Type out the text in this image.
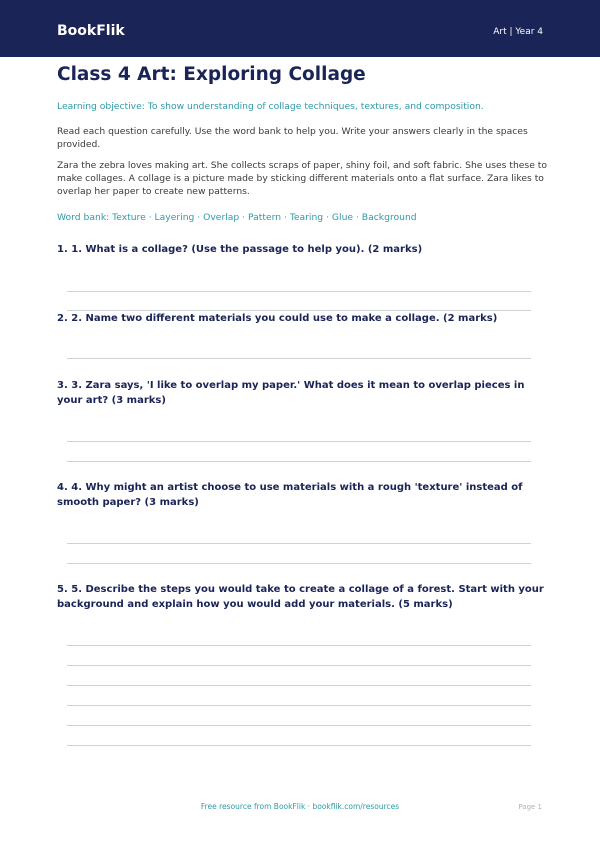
BookFlik	Art | Year 4
Class 4 Art: Exploring Collage
Learning objective: To show understanding of collage techniques, textures, and composition.
Read each question carefully. Use the word bank to help you. Write your answers clearly in the spaces provided.
Zara the zebra loves making art. She collects scraps of paper, shiny foil, and soft fabric. She uses these to make collages. A collage is a picture made by sticking different materials onto a flat surface. Zara likes to overlap her paper to create new patterns.
Word bank: Texture · Layering · Overlap · Pattern · Tearing · Glue · Background
1. 1. What is a collage? (Use the passage to help you). (2 marks)
2. 2. Name two different materials you could use to make a collage. (2 marks)
3. 3. Zara says, 'I like to overlap my paper.' What does it mean to overlap pieces in your art? (3 marks)
4. 4. Why might an artist choose to use materials with a rough 'texture' instead of smooth paper? (3 marks)
5. 5. Describe the steps you would take to create a collage of a forest. Start with your background and explain how you would add your materials. (5 marks)
Free resource from BookFlik · bookflik.com/resources	Page 1
